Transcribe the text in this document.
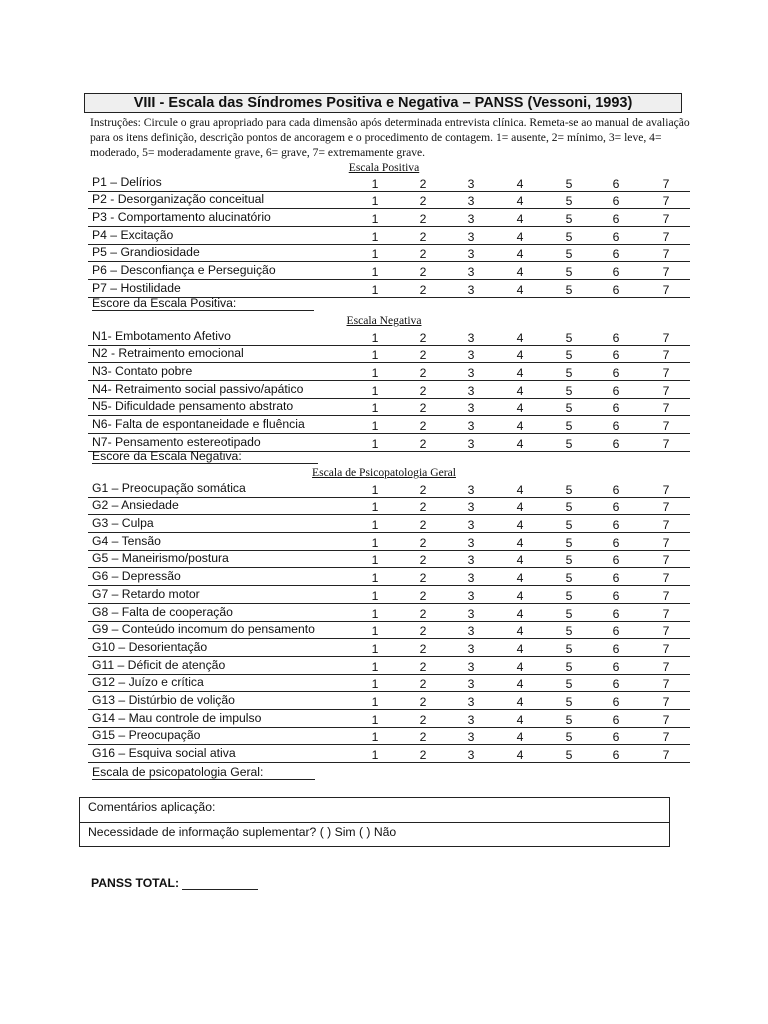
VIII - Escala das Síndromes Positiva e Negativa – PANSS (Vessoni, 1993)
Instruções: Circule o grau apropriado para cada dimensão após determinada entrevista clínica. Remeta-se ao manual de avaliação para os itens definição, descrição pontos de ancoragem e o procedimento de contagem. 1= ausente, 2= mínimo, 3= leve, 4= moderado, 5= moderadamente grave, 6= grave, 7= extremamente grave.
Escala Positiva
P1 – Delírios	1	2	3	4	5	6	7
P2 - Desorganização conceitual	1	2	3	4	5	6	7
P3 - Comportamento alucinatório	1	2	3	4	5	6	7
P4 – Excitação	1	2	3	4	5	6	7
P5 – Grandiosidade	1	2	3	4	5	6	7
P6 – Desconfiança e Perseguição	1	2	3	4	5	6	7
P7 – Hostilidade	1	2	3	4	5	6	7
Escore da Escala Positiva:
Escala Negativa
N1- Embotamento Afetivo	1	2	3	4	5	6	7
N2 - Retraimento emocional	1	2	3	4	5	6	7
N3- Contato pobre	1	2	3	4	5	6	7
N4- Retraimento social passivo/apático	1	2	3	4	5	6	7
N5- Dificuldade pensamento abstrato	1	2	3	4	5	6	7
N6- Falta de espontaneidade e fluência	1	2	3	4	5	6	7
N7- Pensamento estereotipado	1	2	3	4	5	6	7
Escore da Escala Negativa:
Escala de Psicopatologia Geral
G1 – Preocupação somática	1	2	3	4	5	6	7
G2 – Ansiedade	1	2	3	4	5	6	7
G3 – Culpa	1	2	3	4	5	6	7
G4 – Tensão	1	2	3	4	5	6	7
G5 – Maneirismo/postura	1	2	3	4	5	6	7
G6 – Depressão	1	2	3	4	5	6	7
G7 – Retardo motor	1	2	3	4	5	6	7
G8 – Falta de cooperação	1	2	3	4	5	6	7
G9 – Conteúdo incomum do pensamento	1	2	3	4	5	6	7
G10 – Desorientação	1	2	3	4	5	6	7
G11 – Déficit de atenção	1	2	3	4	5	6	7
G12 – Juízo e crítica	1	2	3	4	5	6	7
G13 – Distúrbio de volição	1	2	3	4	5	6	7
G14 – Mau controle de impulso	1	2	3	4	5	6	7
G15 – Preocupação	1	2	3	4	5	6	7
G16 – Esquiva social ativa	1	2	3	4	5	6	7
Escala de psicopatologia Geral:
Comentários aplicação:
Necessidade de informação suplementar? ( ) Sim ( ) Não
PANSS TOTAL:
